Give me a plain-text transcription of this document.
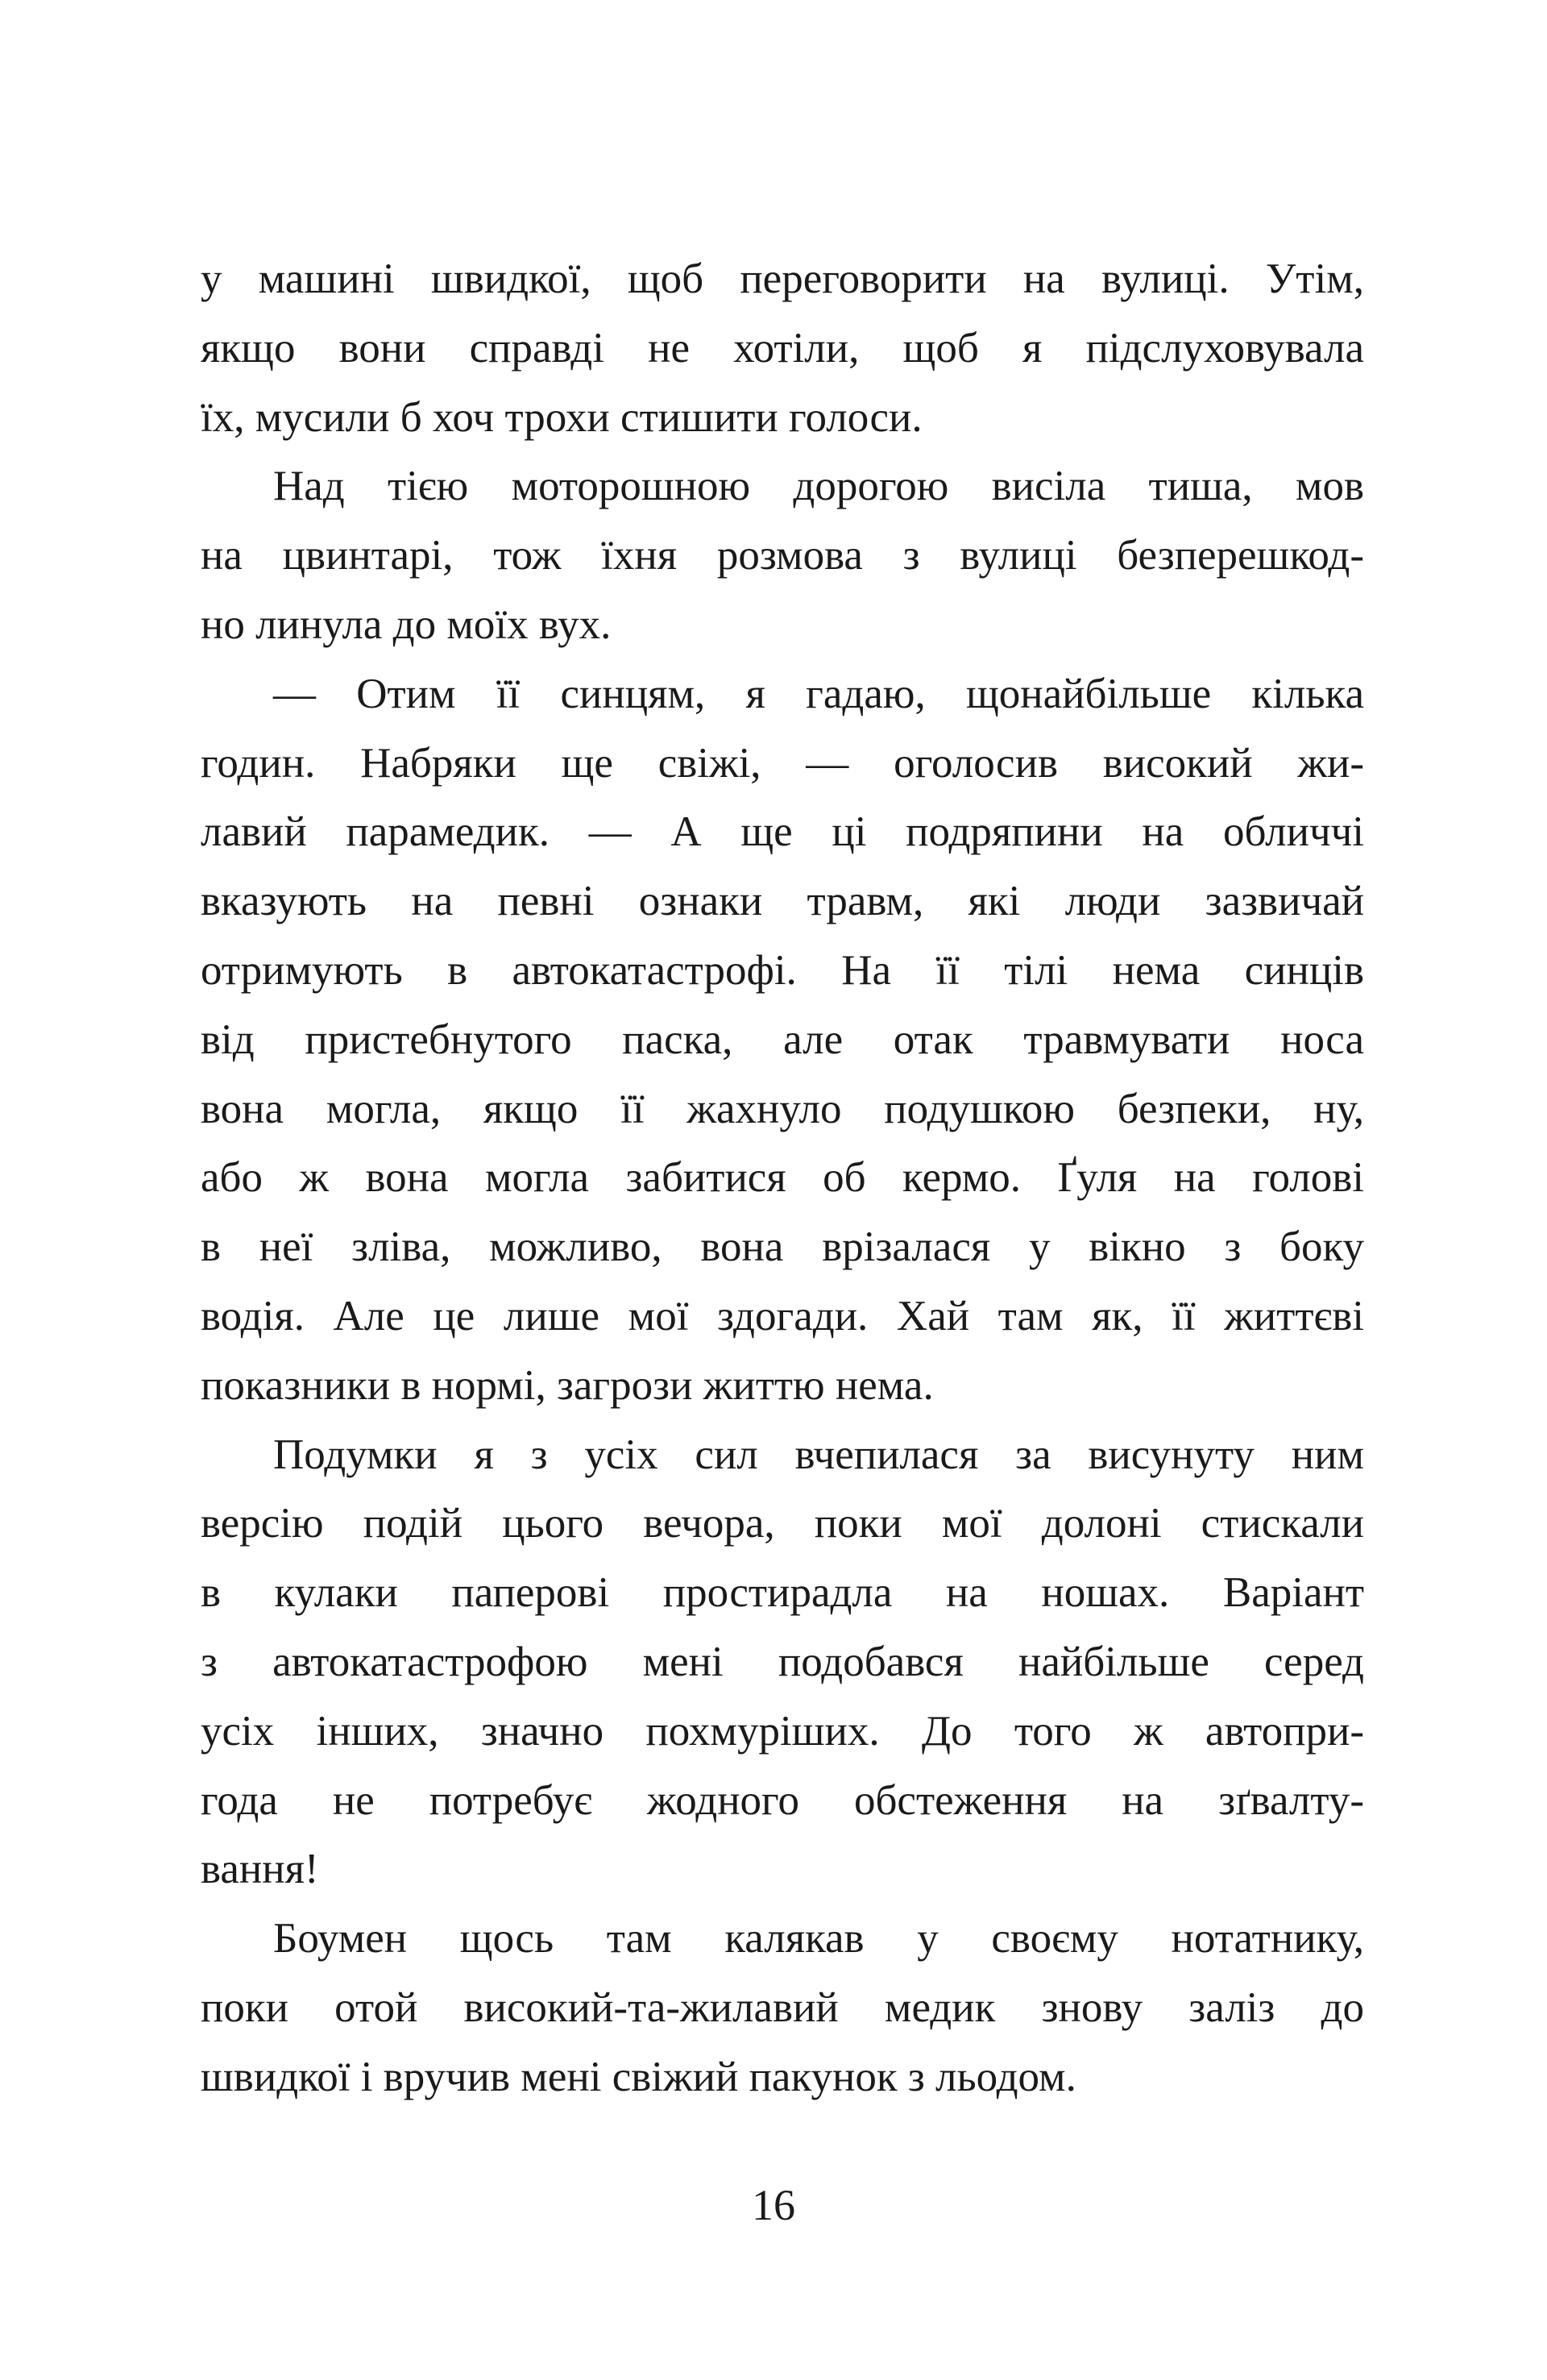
у машині швидкої, щоб переговорити на вулиці. Утім,
якщо вони справді не хотіли, щоб я підслуховувала
їх, мусили б хоч трохи стишити голоси.
Над тією моторошною дорогою висіла тиша, мов
на цвинтарі, тож їхня розмова з вулиці безперешкод-
но линула до моїх вух.
— Отим її синцям, я гадаю, щонайбільше кілька
годин. Набряки ще свіжі, — оголосив високий жи-
лавий парамедик. — А ще ці подряпини на обличчі
вказують на певні ознаки травм, які люди зазвичай
отримують в автокатастрофі. На її тілі нема синців
від пристебнутого паска, але отак травмувати носа
вона могла, якщо її жахнуло подушкою безпеки, ну,
або ж вона могла забитися об кермо. Ґуля на голові
в неї зліва, можливо, вона врізалася у вікно з боку
водія. Але це лише мої здогади. Хай там як, її життєві
показники в нормі, загрози життю нема.
Подумки я з усіх сил вчепилася за висунуту ним
версію подій цього вечора, поки мої долоні стискали
в кулаки паперові простирадла на ношах. Варіант
з автокатастрофою мені подобався найбільше серед
усіх інших, значно похмуріших. До того ж автопри-
года не потребує жодного обстеження на зґвалту-
вання!
Боумен щось там калякав у своєму нотатнику,
поки отой високий-та-жилавий медик знову заліз до
швидкої і вручив мені свіжий пакунок з льодом.
16
